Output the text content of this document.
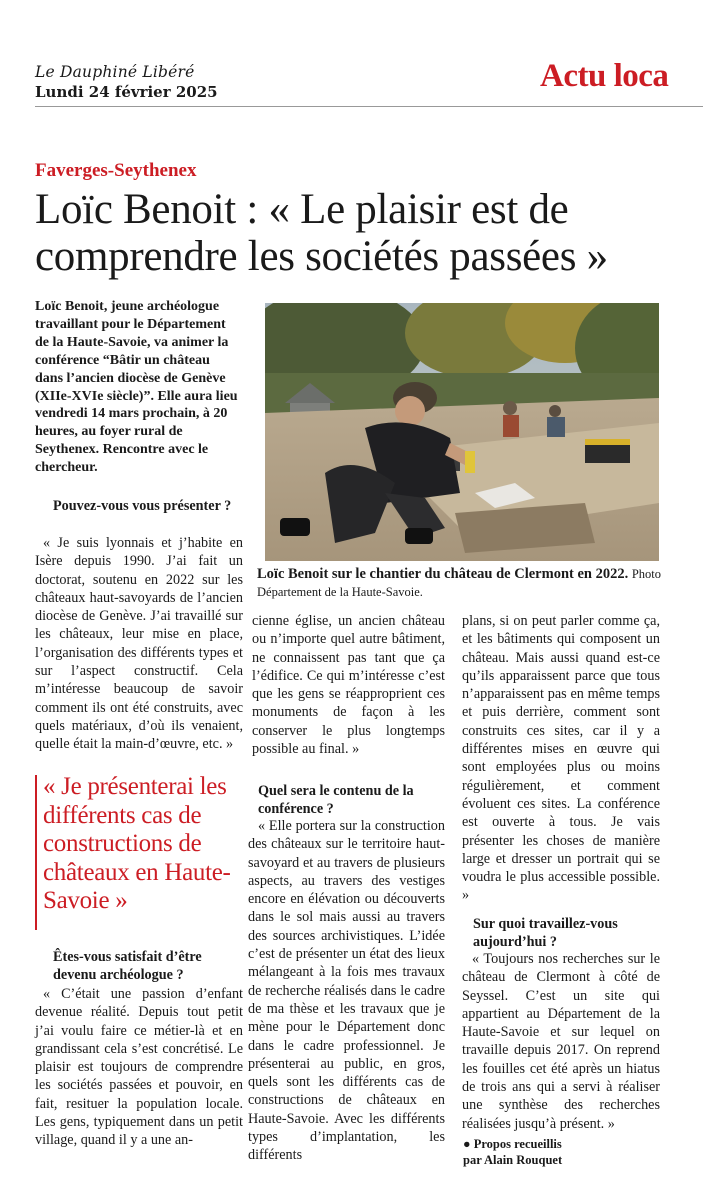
Le Dauphiné Libéré
Lundi 24 février 2025	Actu loca
Faverges-Seythenex
Loïc Benoit : « Le plaisir est de comprendre les sociétés passées »
Loïc Benoit, jeune archéologue travaillant pour le Département de la Haute-Savoie, va animer la conférence “Bâtir un château dans l’ancien diocèse de Genève (XIIe-XVIe siècle)”. Elle aura lieu vendredi 14 mars prochain, à 20 heures, au foyer rural de Seythenex. Rencontre avec le chercheur.
Pouvez-vous vous présenter ?
« Je suis lyonnais et j’habite en Isère depuis 1990. J’ai fait un doctorat, soutenu en 2022 sur les châteaux haut-savoyards de l’ancien diocèse de Genève. J’ai travaillé sur les châteaux, leur mise en place, l’organisation des différents types et sur l’aspect constructif. Cela m’intéresse beaucoup de savoir comment ils ont été construits, avec quels matériaux, d’où ils venaient, quelle était la main-d’œuvre, etc. »
« Je présenterai les différents cas de constructions de châteaux en Haute-Savoie »
Êtes-vous satisfait d’être devenu archéologue ?
« C’était une passion d’enfant devenue réalité. Depuis tout petit j’ai voulu faire ce métier-là et en grandissant cela s’est concrétisé. Le plaisir est toujours de comprendre les sociétés passées et pouvoir, en fait, resituer la population locale. Les gens, typiquement dans un petit village, quand il y a une an-
Loïc Benoit sur le chantier du château de Clermont en 2022. Photo Département de la Haute-Savoie.
cienne église, un ancien château ou n’importe quel autre bâtiment, ne connaissent pas tant que ça l’édifice. Ce qui m’intéresse c’est que les gens se réapproprient ces monuments de façon à les conserver le plus longtemps possible au final. »
Quel sera le contenu de la conférence ?
« Elle portera sur la construction des châteaux sur le territoire haut-savoyard et au travers de plusieurs aspects, au travers des vestiges encore en élévation ou découverts dans le sol mais aussi au travers des sources archivistiques. L’idée c’est de présenter un état des lieux mélangeant à la fois mes travaux de recherche réalisés dans le cadre de ma thèse et les travaux que je mène pour le Département donc dans le cadre professionnel. Je présenterai au public, en gros, quels sont les différents cas de constructions de châteaux en Haute-Savoie. Avec les différents types d’implantation, les différents
plans, si on peut parler comme ça, et les bâtiments qui composent un château. Mais aussi quand est-ce qu’ils apparaissent parce que tous n’apparaissent pas en même temps et puis derrière, comment sont construits ces sites, car il y a différentes mises en œuvre qui sont employées plus ou moins régulièrement, et comment évoluent ces sites. La conférence est ouverte à tous. Je vais présenter les choses de manière large et dresser un portrait qui se voudra le plus accessible possible. »
Sur quoi travaillez-vous aujourd’hui ?
« Toujours nos recherches sur le château de Clermont à côté de Seyssel. C’est un site qui appartient au Département de la Haute-Savoie et sur lequel on travaille depuis 2017. On reprend les fouilles cet été après un hiatus de trois ans qui a servi à réaliser une synthèse des recherches réalisées jusqu’à présent. »
● Propos recueillis
par Alain Rouquet
